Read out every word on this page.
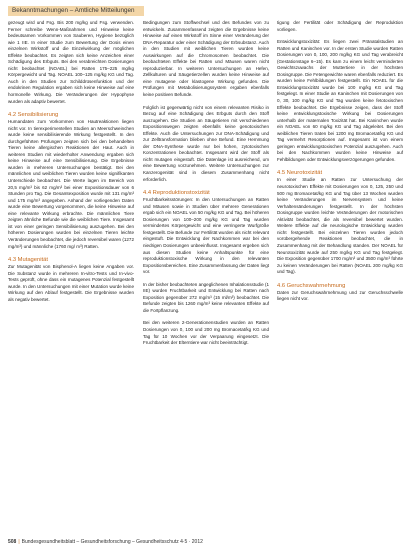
Bekanntmachungen – Amtliche Mitteilungen

gezeugt wird und Fsg. Bis 200 mg/kg und Fsg. verwenden. Ferner schreibe Wenn-Maßnahmen und Hinweise keine bedeutsamen Vorkommen von Sauberen, Hygiene bezüglich wie 1 IIE. In einer Studie zum Bewertung der Dosis einen einzelnen Wirkstoff und die Einzelwirkung der möglichen Effekte beobachtet. Es zeigten sich keine Anzeichen einer Schädigung des Erbguts. Bei den verabreichten Dosierungen nicht beobachtet (NOAEL) bei Ratten 175–225 mg/kg Körpergewicht und Tag. NOAEL 100–125 mg/kg KG und Tag. Auch in den Studien zur Schilddrüsenfunktion und der endokrinen Regulation ergaben sich keine Hinweise auf eine hormonelle Wirkung. Die Veränderungen der Hypophyse wurden als adaptiv bewertet.

4.2 Sensibilisierung

Humandaten zum Vorkommen von Hautreaktionen liegen nicht vor. In tierexperimentellen Studien an Meerschweinchen wurde keine sensibilisierende Wirkung festgestellt. In den durchgeführten Prüfungen zeigten sich bei den behandelten Tieren keine allergischen Reaktionen der Haut. Auch in weiteren Studien mit wiederholter Anwendung ergaben sich keine Hinweise auf eine Sensibilisierung. Die Ergebnisse wurden in mehreren Untersuchungen bestätigt. Bei den männlichen und weiblichen Tieren wurden keine signifikanten Unterschiede beobachtet. Die Werte lagen im Bereich von 20,5 mg/m³ bis 62 mg/m³ bei einer Expositionsdauer von 6 Stunden pro Tag. Die Gesamtexposition wurde mit 131 mg/m³ und 175 mg/m³ angegeben. Anhand der vorliegenden Daten wurde eine Bewertung vorgenommen, die keine Hinweise auf eine relevante Wirkung erbrachte. Die männlichen Tiere zeigten ähnliche Befunde wie die weiblichen Tiere. Insgesamt ist von einer geringen Sensibilisierung auszugehen. Bei den höheren Dosierungen wurden bei einzelnen Tieren leichte Veränderungen beobachtet, die jedoch reversibel waren (1272 mg/m³) und männliche (1760 mg/ m³) Ratten.

4.3 Mutagenität

Zur Mutagenität von Bisphenol-A liegen keine Angaben vor. Die Substanz wurde in mehreren In-vitro-Tests und In-vivo-Tests geprüft, ohne dass ein mutagenes Potenzial festgestellt wurde. In den Untersuchungen mit einer Mutation wurde keine Wirkung auf den Ablauf festgestellt. Die Ergebnisse wurden als negativ bewertet.

Bedingungen zum Stoffwechsel und des Befundes von zu entwickeln. Zusammenfassend zeigten die Ergebnisse keine Hinweise auf einen Wirkstoff im Sinne einer Veränderung der DNA-Reparatur oder einer Schädigung der Erbsubstanz. Auch in den Studien mit weiblichen Tieren wurden keine Auswirkungen auf die Chromosomen beobachtet. Die beobachteten Effekte bei Ratten und Mäusen waren nicht reproduzierbar. In weiteren Untersuchungen an Hefen, Zellkulturen und Säugetierzellen wurden keine Hinweise auf eine mutagene oder klastogene Wirkung gefunden. Die Prüfungen mit Metabolisierungssystem ergaben ebenfalls keine positiven Befunde.

Folglich ist gegenwärtig nicht von einem relevanten Risiko in Bezug auf eine Schädigung des Erbguts durch den Stoff auszugehen. Die Studien an Säugetieren mit verschiedenen Expositionswegen zeigten ebenfalls keine genotoxischen Effekte. Auch die Untersuchungen zur DNA-Schädigung und zur Zelltransformation blieben ohne Befund. Eine Hemmung der DNA-Synthese wurde nur bei hohen, zytotoxischen Konzentrationen beobachtet. Insgesamt wird der Stoff als nicht mutagen eingestuft. Die Datenlage ist ausreichend, um eine Bewertung vorzunehmen. Weitere Untersuchungen zur Kanzerogenität sind in diesem Zusammenhang nicht erforderlich.

4.4 Reproduktionstoxizität

Fruchtbarkeitsstörungen: In den Untersuchungen an Ratten und Mäusen sowie in Studien über mehrere Generationen ergab sich ein NOAEL von 50 mg/kg KG und Tag. Bei höheren Dosierungen von 100–200 mg/kg KG und Tag wurden vermindertes Körpergewicht und eine verringerte Wurfgröße festgestellt. Die Befunde zur Fertilität wurden als nicht relevant eingestuft. Die Entwicklung der Nachkommen war bei den niedrigen Dosierungen unbeeinflusst. Insgesamt ergeben sich aus diesen Studien keine Anhaltspunkte für eine reproduktionstoxische Wirkung in den relevanten Expositionsbereichen. Eine Zusammenfassung der Daten liegt vor.

In der bisher beobachteten angeglichenen Inhalationsstudie (1 IIE) wurden Fruchtbarkeit und Entwicklung bei Ratten nach Exposition gegenüber 272 mg/m³ (15 ml/m³) beobachtet. Die Befunde zeigten bis 1260 mg/m³ keine relevanten Effekte auf die Fortpflanzung.

Bei den weiteren 2-Generationenstudien wurden an Ratten Dosierungen von 0, 100 und 200 mg Bromacetat/kg KG und Tag für 10 Wochen vor der Verpaarung eingesetzt. Die Fruchtbarkeit der Elterntiere war nicht beeinträchtigt.

tigung der Fertilität oder Schädigung der Reproduktion vorliegen.

Entwicklungstoxizität: Es liegen zwei Pränatalstudien an Ratten und Kaninchen vor. In der ersten Studie wurden Ratten Dosierungen von 0, 100, 200 mg/kg KG und Tag verabreicht (Gestationstage 6–15). Es kam zu einem leicht verminderten Gewichtszuwachs der Muttertiere in der höchsten Dosisgruppe. Die Fetengewichte waren ebenfalls reduziert. Es wurden keine Fehlbildungen festgestellt. Ein NOAEL für die Entwicklungstoxizität wurde bei 100 mg/kg KG und Tag festgelegt. In einer Studie an Kaninchen mit Dosierungen von 0, 30, 100 mg/kg KG und Tag wurden keine fetotoxischen Effekte beobachtet. Die Ergebnisse zeigen, dass der Stoff keine entwicklungstoxische Wirkung bei Dosierungen unterhalb der maternalen Toxizität hat. Bei Kaninchen wurde ein NOAEL von 60 mg/kg KG und Tag abgeleitet. Bei den weiblichen Tieren traten bei 1200 mg Bromacetat/kg KG und Tag vermehrt Resorptionen auf. Insgesamt ist von einem geringen entwicklungstoxischen Potenzial auszugehen. Auch bei den Nachkommen wurden keine Hinweise auf Fehlbildungen oder Entwicklungsverzögerungen gefunden.

4.5 Neurotoxizität

In einer Studie an Ratten zur Untersuchung der neurotoxischen Effekte mit Dosierungen von 0, 125, 250 und 500 mg Bromacetat/kg KG und Tag über 13 Wochen wurden keine Veränderungen im Nervensystem und keine Verhaltensänderungen festgestellt. In der höchsten Dosisgruppe wurden leichte Veränderungen der motorischen Aktivität beobachtet, die als reversibel bewertet wurden. Weitere Effekte auf die neurologische Entwicklung wurden nicht festgestellt. Bei einzelnen Tieren wurden jedoch vorübergehende Reaktionen beobachtet, die in Zusammenhang mit der Behandlung standen. Der NOAEL für Neurotoxizität wurde auf 250 mg/kg KG und Tag festgelegt. Die Exposition gegenüber 1700 mg/m³ und 3500 mg/m³ führte zu keinen Veränderungen bei Ratten (NOAEL 200 mg/kg KG und Tag).

4.6 Geruchswahrnehmung

Daten zur Geruchswahrnehmung und zur Geruchsschwelle liegen nicht vor.

508 | Bundesgesundheitsblatt – Gesundheitsforschung – Gesundheitsschutz 4·5 · 2012
